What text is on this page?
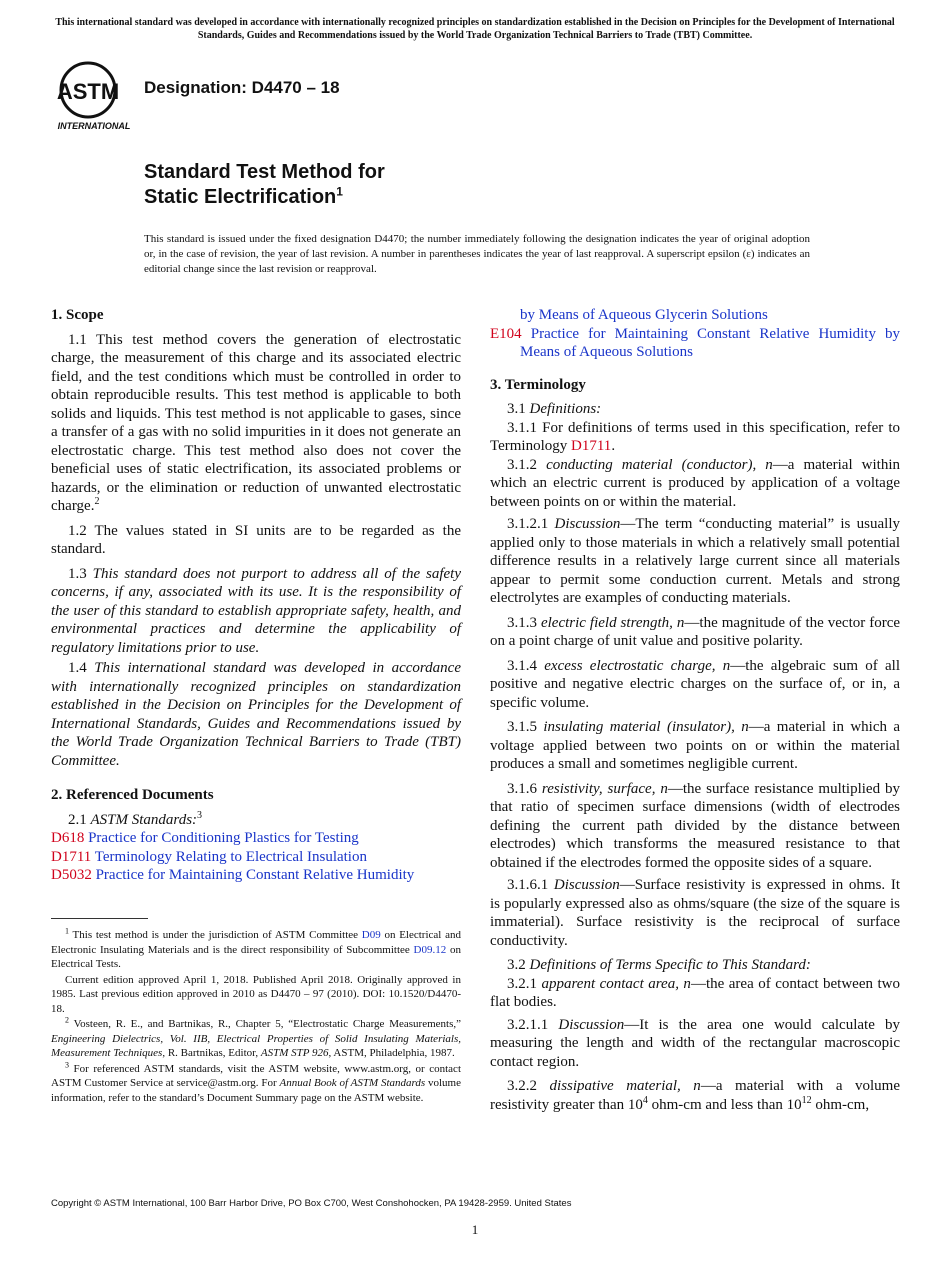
This international standard was developed in accordance with internationally recognized principles on standardization established in the Decision on Principles for the Development of International Standards, Guides and Recommendations issued by the World Trade Organization Technical Barriers to Trade (TBT) Committee.
ASTM
INTERNATIONAL
Designation: D4470 – 18
Standard Test Method for
Static Electrification$^1$
This standard is issued under the fixed designation D4470; the number immediately following the designation indicates the year of original adoption or, in the case of revision, the year of last revision. A number in parentheses indicates the year of last reapproval. A superscript epsilon (ε) indicates an editorial change since the last revision or reapproval.
1. Scope

1.1 This test method covers the generation of electrostatic charge, the measurement of this charge and its associated electric field, and the test conditions which must be controlled in order to obtain reproducible results. This test method is applicable to both solids and liquids. This test method is not applicable to gases, since a transfer of a gas with no solid impurities in it does not generate an electrostatic charge. This test method also does not cover the beneficial uses of static electrification, its associated problems or hazards, or the elimination or reduction of unwanted electrostatic charge.$^2$

1.2 The values stated in SI units are to be regarded as the standard.

1.3 This standard does not purport to address all of the safety concerns, if any, associated with its use. It is the responsibility of the user of this standard to establish appropriate safety, health, and environmental practices and determine the applicability of regulatory limitations prior to use.

1.4 This international standard was developed in accordance with internationally recognized principles on standardization established in the Decision on Principles for the Development of International Standards, Guides and Recommendations issued by the World Trade Organization Technical Barriers to Trade (TBT) Committee.

2. Referenced Documents

2.1 ASTM Standards:$^3$

D618 Practice for Conditioning Plastics for Testing

D1711 Terminology Relating to Electrical Insulation

D5032 Practice for Maintaining Constant Relative Humidity

$^1$ This test method is under the jurisdiction of ASTM Committee D09 on Electrical and Electronic Insulating Materials and is the direct responsibility of Subcommittee D09.12 on Electrical Tests.

Current edition approved April 1, 2018. Published April 2018. Originally approved in 1985. Last previous edition approved in 2010 as D4470 – 97 (2010). DOI: 10.1520/D4470-18.

$^2$ Vosteen, R. E., and Bartnikas, R., Chapter 5, “Electrostatic Charge Measurements,” Engineering Dielectrics, Vol. IIB, Electrical Properties of Solid Insulating Materials, Measurement Techniques, R. Bartnikas, Editor, ASTM STP 926, ASTM, Philadelphia, 1987.

$^3$ For referenced ASTM standards, visit the ASTM website, www.astm.org, or contact ASTM Customer Service at service@astm.org. For Annual Book of ASTM Standards volume information, refer to the standard’s Document Summary page on the ASTM website.

by Means of Aqueous Glycerin Solutions

E104 Practice for Maintaining Constant Relative Humidity by Means of Aqueous Solutions

3. Terminology

3.1 Definitions:

3.1.1 For definitions of terms used in this specification, refer to Terminology D1711.

3.1.2 conducting material (conductor), n—a material within which an electric current is produced by application of a voltage between points on or within the material.

3.1.2.1 Discussion—The term “conducting material” is usually applied only to those materials in which a relatively small potential difference results in a relatively large current since all materials appear to permit some conduction current. Metals and strong electrolytes are examples of conducting materials.

3.1.3 electric field strength, n—the magnitude of the vector force on a point charge of unit value and positive polarity.

3.1.4 excess electrostatic charge, n—the algebraic sum of all positive and negative electric charges on the surface of, or in, a specific volume.

3.1.5 insulating material (insulator), n—a material in which a voltage applied between two points on or within the material produces a small and sometimes negligible current.

3.1.6 resistivity, surface, n—the surface resistance multiplied by that ratio of specimen surface dimensions (width of electrodes defining the current path divided by the distance between electrodes) which transforms the measured resistance to that obtained if the electrodes formed the opposite sides of a square.

3.1.6.1 Discussion—Surface resistivity is expressed in ohms. It is popularly expressed also as ohms/square (the size of the square is immaterial). Surface resistivity is the reciprocal of surface conductivity.

3.2 Definitions of Terms Specific to This Standard:

3.2.1 apparent contact area, n—the area of contact between two flat bodies.

3.2.1.1 Discussion—It is the area one would calculate by measuring the length and width of the rectangular macroscopic contact region.

3.2.2 dissipative material, n—a material with a volume resistivity greater than $10^4$ ohm-cm and less than $10^{12}$ ohm-cm,

Copyright © ASTM International, 100 Barr Harbor Drive, PO Box C700, West Conshohocken, PA 19428-2959. United States
1
